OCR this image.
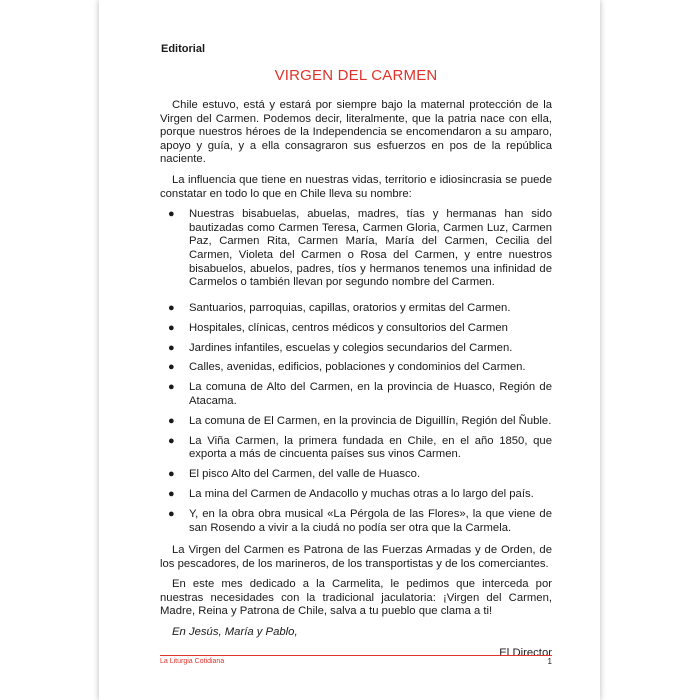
Editorial
VIRGEN DEL CARMEN

Chile estuvo, está y estará por siempre bajo la maternal protección de la Virgen del Carmen. Podemos decir, literalmente, que la patria nace con ella, porque nuestros héroes de la Independencia se encomendaron a su amparo, apoyo y guía, y a ella consagraron sus esfuerzos en pos de la república naciente.

La influencia que tiene en nuestras vidas, territorio e idiosincrasia se puede constatar en todo lo que en Chile lleva su nombre:

● Nuestras bisabuelas, abuelas, madres, tías y hermanas han sido bautizadas como Carmen Teresa, Carmen Gloria, Carmen Luz, Carmen Paz, Carmen Rita, Carmen María, María del Carmen, Cecilia del Carmen, Violeta del Carmen o Rosa del Carmen, y entre nuestros bisabuelos, abuelos, padres, tíos y hermanos tenemos una infinidad de Carmelos o también llevan por segundo nombre del Carmen.
● Santuarios, parroquias, capillas, oratorios y ermitas del Carmen.
● Hospitales, clínicas, centros médicos y consultorios del Carmen
● Jardines infantiles, escuelas y colegios secundarios del Carmen.
● Calles, avenidas, edificios, poblaciones y condominios del Carmen.
● La comuna de Alto del Carmen, en la provincia de Huasco, Región de Atacama.
● La comuna de El Carmen, en la provincia de Diguillín, Región del Ñuble.
● La Viña Carmen, la primera fundada en Chile, en el año 1850, que exporta a más de cincuenta países sus vinos Carmen.
● El pisco Alto del Carmen, del valle de Huasco.
● La mina del Carmen de Andacollo y muchas otras a lo largo del país.
● Y, en la obra obra musical «La Pérgola de las Flores», la que viene de san Rosendo a vivir a la ciudá no podía ser otra que la Carmela.

La Virgen del Carmen es Patrona de las Fuerzas Armadas y de Orden, de los pescadores, de los marineros, de los transportistas y de los comerciantes.

En este mes dedicado a la Carmelita, le pedimos que interceda por nuestras necesidades con la tradicional jaculatoria: ¡Virgen del Carmen, Madre, Reina y Patrona de Chile, salva a tu pueblo que clama a ti!

En Jesús, María y Pablo,

El Director
La Liturgia Cotidiana	1
